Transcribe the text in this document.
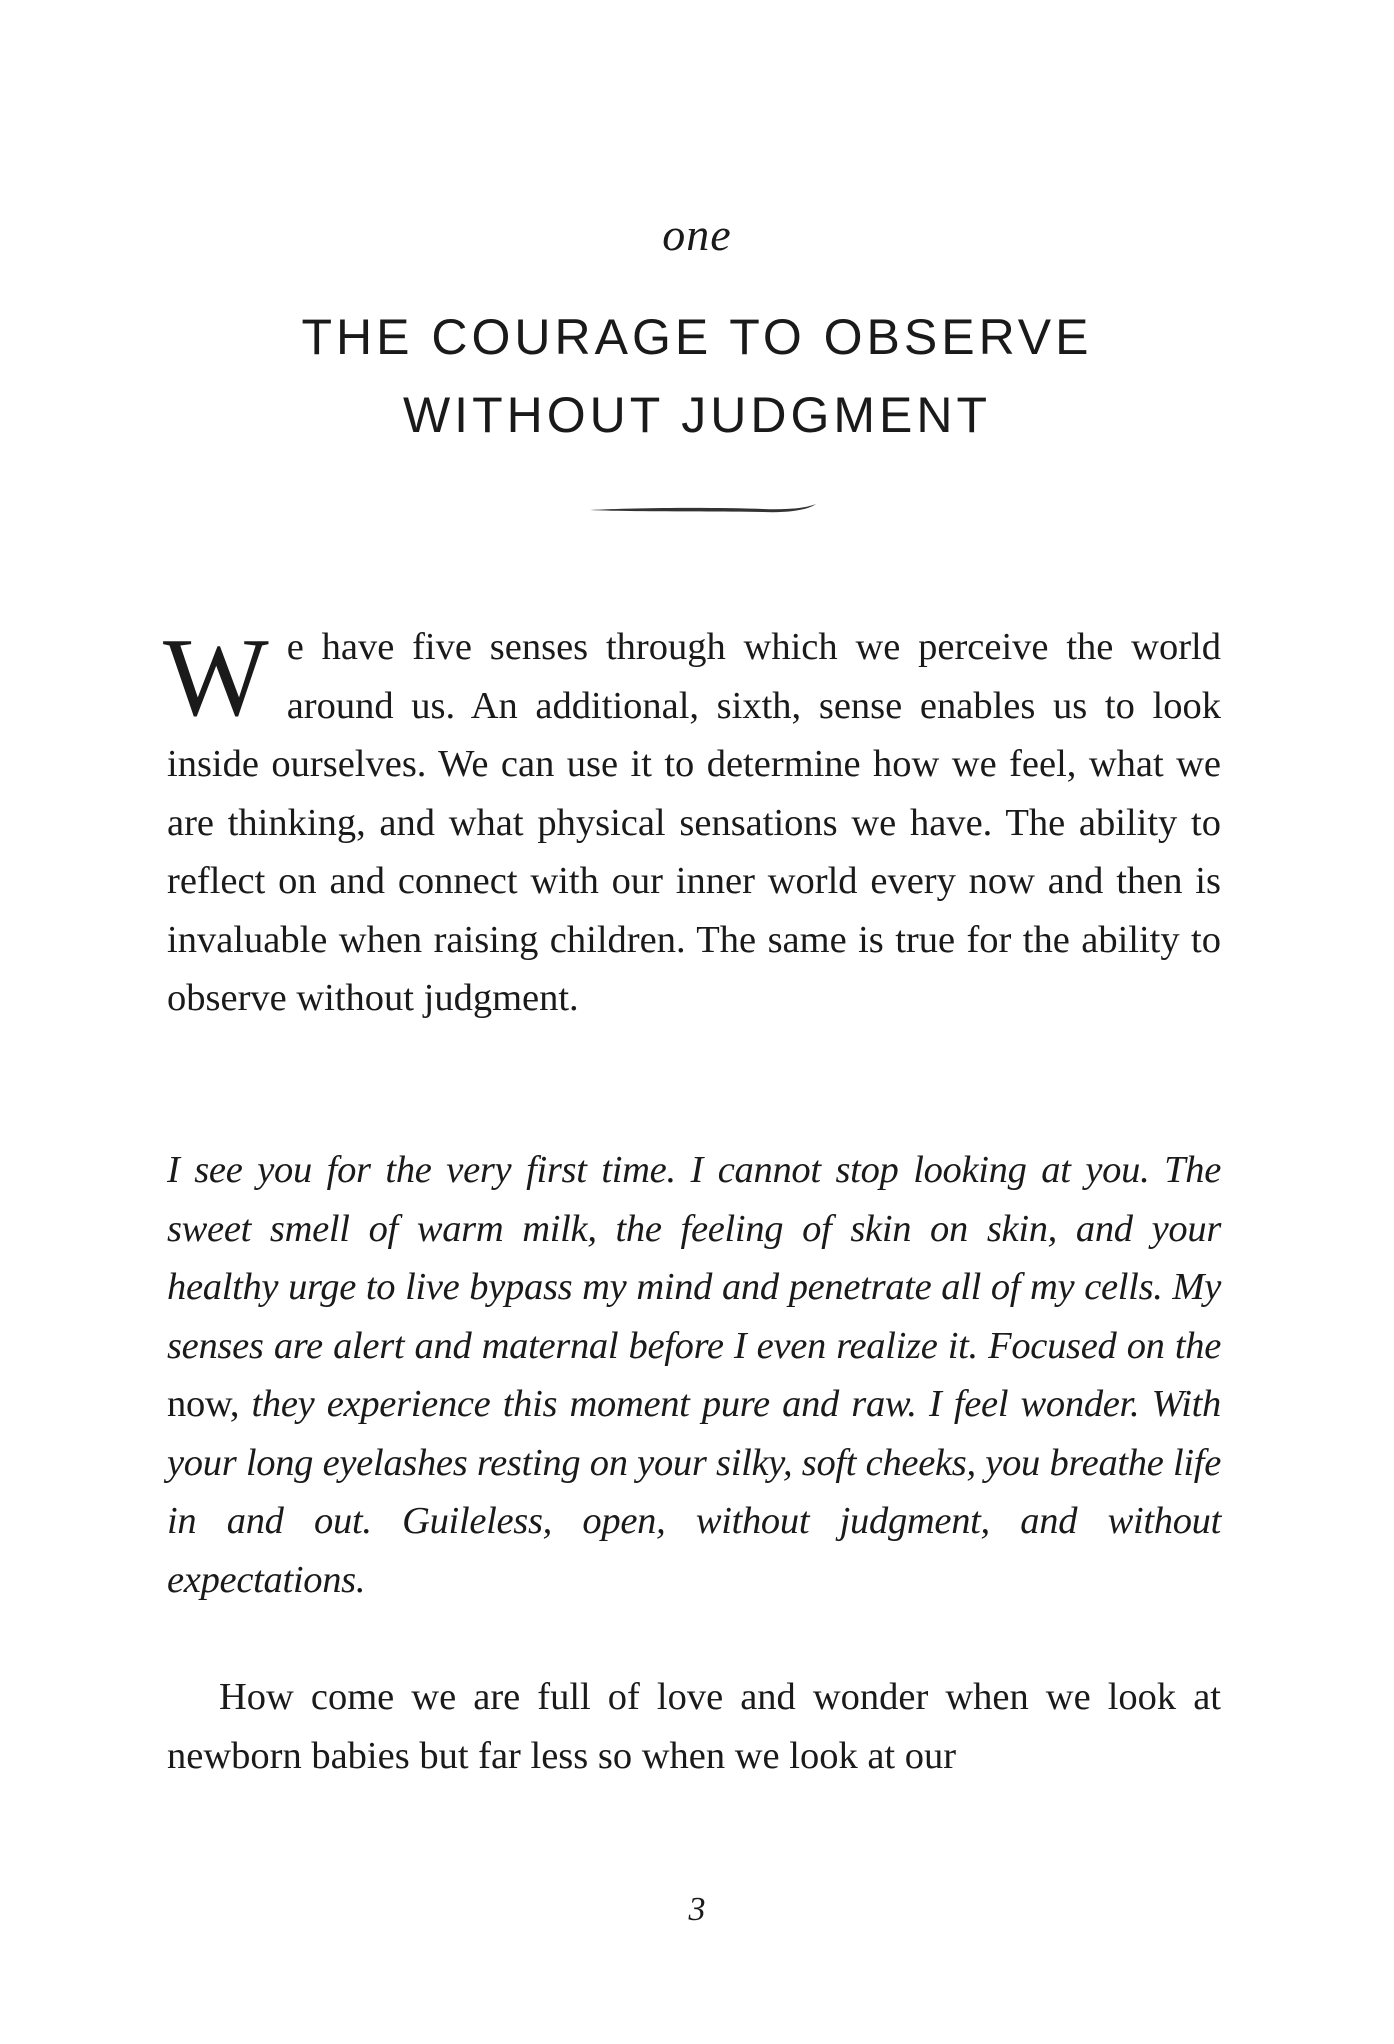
one
THE COURAGE TO OBSERVE
WITHOUT JUDGMENT
W e have five senses through which we perceive the world around us. An additional, sixth, sense enables us to look inside ourselves. We can use it to determine how we feel, what we are thinking, and what physical sensations we have. The ability to reflect on and connect with our inner world every now and then is invaluable when raising children. The same is true for the ability to observe without judgment.
I see you for the very first time. I cannot stop looking at you. The sweet smell of warm milk, the feeling of skin on skin, and your healthy urge to live bypass my mind and penetrate all of my cells. My senses are alert and maternal before I even realize it. Focused on the now, they experience this moment pure and raw. I feel wonder. With your long eyelashes resting on your silky, soft cheeks, you breathe life in and out. Guileless, open, without judgment, and without expectations.
How come we are full of love and wonder when we look at newborn babies but far less so when we look at our
3
